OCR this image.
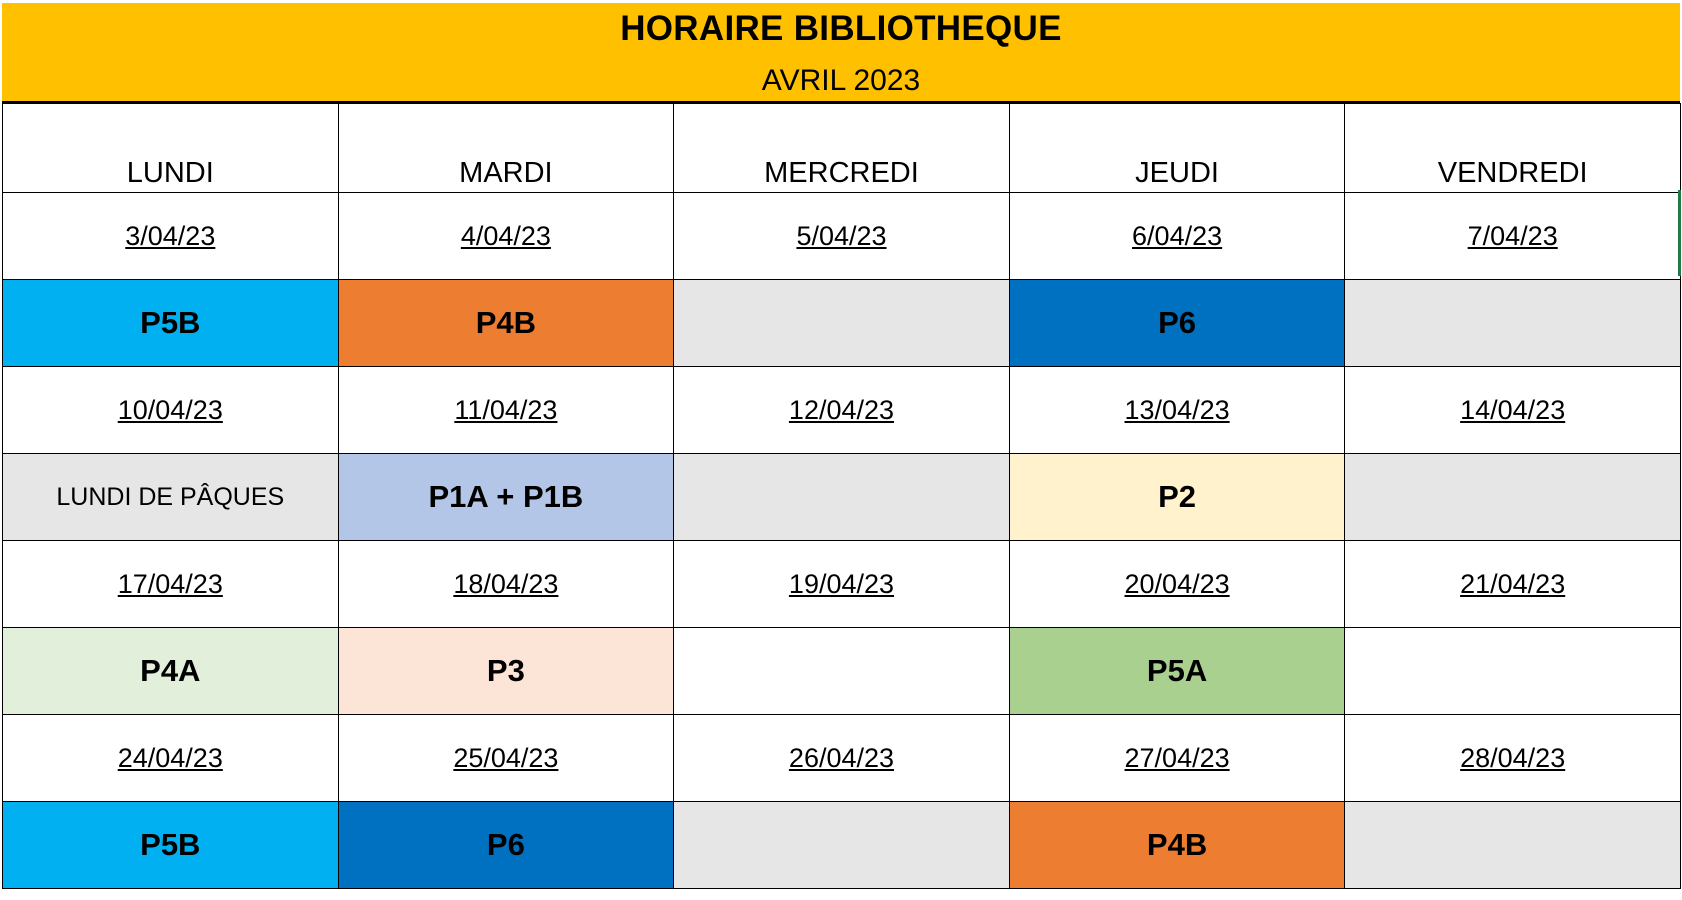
HORAIRE BIBLIOTHEQUE
AVRIL 2023
LUNDI	MARDI	MERCREDI	JEUDI	VENDREDI
3/04/23	4/04/23	5/04/23	6/04/23	7/04/23
P5B	P4B		P6	
10/04/23	11/04/23	12/04/23	13/04/23	14/04/23
LUNDI DE PÂQUES	P1A + P1B		P2	
17/04/23	18/04/23	19/04/23	20/04/23	21/04/23
P4A	P3		P5A	
24/04/23	25/04/23	26/04/23	27/04/23	28/04/23
P5B	P6		P4B	
